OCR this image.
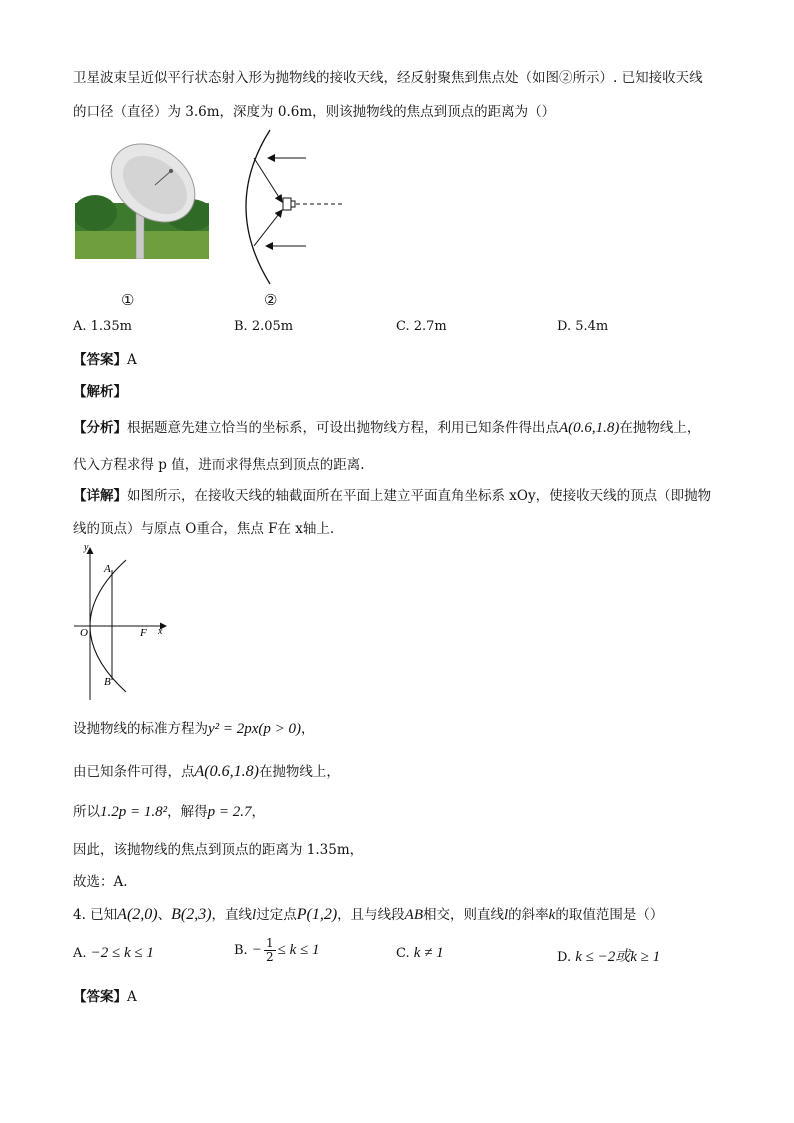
卫星波束呈近似平行状态射入形为抛物线的接收天线，经反射聚焦到焦点处（如图②所示）. 已知接收天线
的口径（直径）为 3.6m，深度为 0.6m，则该抛物线的焦点到顶点的距离为（）
①	②
A. 1.35m	B. 2.05m	C. 2.7m	D. 5.4m
【答案】A
【解析】
【分析】根据题意先建立恰当的坐标系，可设出抛物线方程，利用已知条件得出点A(0.6,1.8)在抛物线上，
代入方程求得 p 值，进而求得焦点到顶点的距离.
【详解】如图所示，在接收天线的轴截面所在平面上建立平面直角坐标系 xOy，使接收天线的顶点（即抛物
线的顶点）与原点 O重合，焦点 F在 x轴上.
y
x
A
B
O	F
设抛物线的标准方程为y² = 2px(p > 0)，
由已知条件可得，点A(0.6,1.8)在抛物线上，
所以1.2p = 1.8²，解得p = 2.7，
因此，该抛物线的焦点到顶点的距离为 1.35m，
故选：A.
4. 已知A(2,0)、B(2,3)，直线l过定点P(1,2)，且与线段AB相交，则直线l的斜率k的取值范围是（）
A. −2 ≤ k ≤ 1	B. − $\frac{1}{2} \le k \le 1$	C. k ≠ 1	D. k ≤ −2或k ≥ 1
【答案】A
